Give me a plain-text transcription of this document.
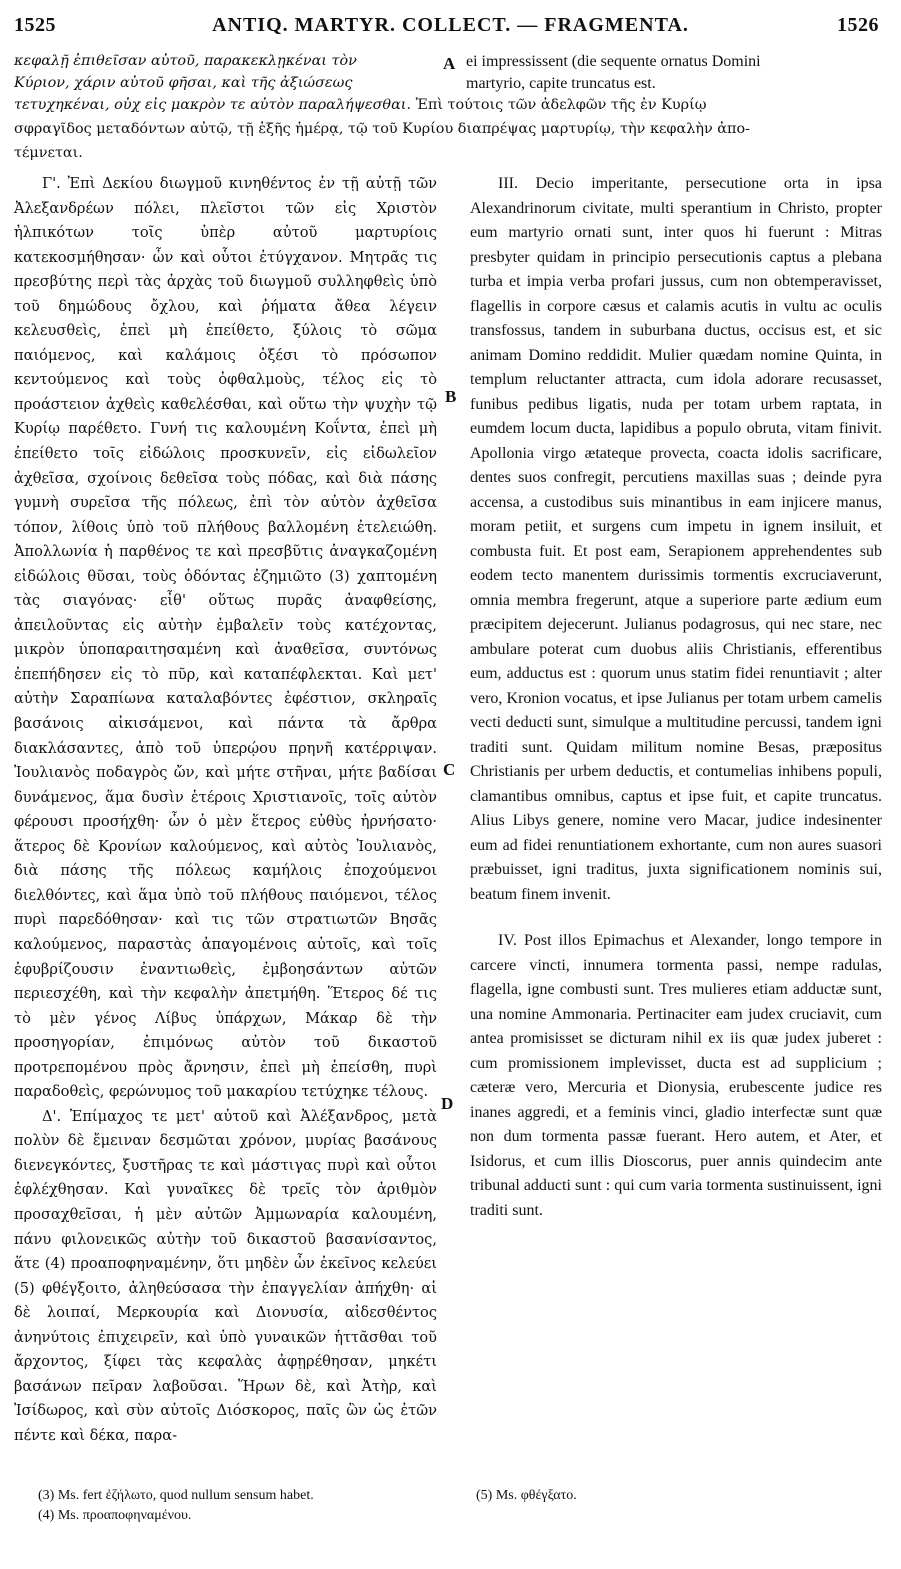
1525	ANTIQ. MARTYR. COLLECT. — FRAGMENTA.	1526
κεφαλῇ ἐπιθεῖσαν αὐτοῦ, παρακεκλῃκέναι τὸν	ei impressissent (die sequente ornatus Domini
Κύριον, χάριν αὐτοῦ φῆσαι, καὶ τῆς ἀξιώσεως	martyrio, capite truncatus est.
τετυχηκέναι, οὐχ εἰς μακρὸν τε αὐτὸν παραλήψεσθαι. Ἐπὶ τούτοις τῶν ἀδελφῶν τῆς ἐν Κυρίῳ
σφραγῖδος μεταδόντων αὐτῷ, τῇ ἑξῆς ἡμέρᾳ, τῷ τοῦ Κυρίου διαπρέψας μαρτυρίῳ, τὴν κεφαλὴν ἀπο-
τέμνεται.
A
B
C
D

Γ'. Ἐπὶ Δεκίου διωγμοῦ κινηθέντος ἐν τῇ αὐτῇ τῶν Ἀλεξανδρέων πόλει, πλεῖστοι τῶν εἰς Χριστὸν ἠλπικότων τοῖς ὑπὲρ αὐτοῦ μαρτυρίοις κατεκοσμήθησαν· ὧν καὶ οὗτοι ἐτύγχανον. Μητρᾶς τις πρεσβύτης περὶ τὰς ἀρχὰς τοῦ διωγμοῦ συλληφθεὶς ὑπὸ τοῦ δημώδους ὄχλου, καὶ ῥήματα ἄθεα λέγειν κελευσθεὶς, ἐπεὶ μὴ ἐπείθετο, ξύλοις τὸ σῶμα παιόμενος, καὶ καλάμοις ὀξέσι τὸ πρόσωπον κεντούμενος καὶ τοὺς ὀφθαλμοὺς, τέλος εἰς τὸ προάστειον ἀχθεὶς καθελέσθαι, καὶ οὕτω τὴν ψυχὴν τῷ Κυρίῳ παρέθετο. Γυνή τις καλουμένη Κοΐντα, ἐπεὶ μὴ ἐπείθετο τοῖς εἰδώλοις προσκυνεῖν, εἰς εἰδωλεῖον ἀχθεῖσα, σχοίνοις δεθεῖσα τοὺς πόδας, καὶ διὰ πάσης γυμνὴ συρεῖσα τῆς πόλεως, ἐπὶ τὸν αὐτὸν ἀχθεῖσα τόπον, λίθοις ὑπὸ τοῦ πλήθους βαλλομένη ἐτελειώθη. Ἀπολλωνία ἡ παρθένος τε καὶ πρεσβῦτις ἀναγκαζομένη εἰδώλοις θῦσαι, τοὺς ὀδόντας ἐζημιῶτο (3) χαπτομένη τὰς σιαγόνας· εἶθ' οὕτως πυρᾶς ἀναφθείσης, ἀπειλοῦντας εἰς αὐτὴν ἐμβαλεῖν τοὺς κατέχοντας, μικρὸν ὑποπαραιτησαμένη καὶ ἀναθεῖσα, συντόνως ἐπεπήδησεν εἰς τὸ πῦρ, καὶ καταπέφλεκται. Καὶ μετ' αὐτὴν Σαραπίωνα καταλαβόντες ἐφέστιον, σκληραῖς βασάνοις αἰκισάμενοι, καὶ πάντα τὰ ἄρθρα διακλάσαντες, ἀπὸ τοῦ ὑπερῴου πρηνῆ κατέρριψαν. Ἰουλιανὸς ποδαγρὸς ὤν, καὶ μήτε στῆναι, μήτε βαδίσαι δυνάμενος, ἅμα δυσὶν ἑτέροις Χριστιανοῖς, τοῖς αὐτὸν φέρουσι προσήχθη· ὧν ὁ μὲν ἕτερος εὐθὺς ἠρνήσατο· ἅτερος δὲ Κρονίων καλούμενος, καὶ αὐτὸς Ἰουλιανὸς, διὰ πάσης τῆς πόλεως καμήλοις ἐποχούμενοι διελθόντες, καὶ ἅμα ὑπὸ τοῦ πλήθους παιόμενοι, τέλος πυρὶ παρεδόθησαν· καὶ τις τῶν στρατιωτῶν Βησᾶς καλούμενος, παραστὰς ἀπαγομένοις αὐτοῖς, καὶ τοῖς ἐφυβρίζουσιν ἐναντιωθεὶς, ἐμβοησάντων αὐτῶν περιεσχέθη, καὶ τὴν κεφαλὴν ἀπετμήθη. Ἕτερος δέ τις τὸ μὲν γένος Λίβυς ὑπάρχων, Μάκαρ δὲ τὴν προσηγορίαν, ἐπιμόνως αὐτὸν τοῦ δικαστοῦ προτρεπομένου πρὸς ἄρνησιν, ἐπεὶ μὴ ἐπείσθη, πυρὶ παραδοθεὶς, φερώνυμος τοῦ μακαρίου τετύχηκε τέλους.

Δ'. Ἐπίμαχος τε μετ' αὐτοῦ καὶ Ἀλέξανδρος, μετὰ πολὺν δὲ ἔμειναν δεσμῶται χρόνον, μυρίας βασάνους διενεγκόντες, ξυστῆρας τε καὶ μάστιγας πυρὶ καὶ οὗτοι ἐφλέχθησαν. Καὶ γυναῖκες δὲ τρεῖς τὸν ἀριθμὸν προσαχθεῖσαι, ἡ μὲν αὐτῶν Ἀμμωναρία καλουμένη, πάνυ φιλονεικῶς αὐτὴν τοῦ δικαστοῦ βασανίσαντος, ἅτε (4) προαποφηναμένην, ὅτι μηδὲν ὧν ἐκεῖνος κελεύει (5) φθέγξοιτο, ἀληθεύσασα τὴν ἐπαγγελίαν ἀπήχθη· αἱ δὲ λοιπαί, Μερκουρία καὶ Διονυσία, αἰδεσθέντος ἀνηνύτοις ἐπιχειρεῖν, καὶ ὑπὸ γυναικῶν ἡττᾶσθαι τοῦ ἄρχοντος, ξίφει τὰς κεφαλὰς ἀφῃρέθησαν, μηκέτι βασάνων πεῖραν λαβοῦσαι. Ἥρων δὲ, καὶ Ἀτὴρ, καὶ Ἰσίδωρος, καὶ σὺν αὐτοῖς Διόσκορος, παῖς ὢν ὡς ἐτῶν πέντε καὶ δέκα, παρα-

III. Decio imperitante, persecutione orta in ipsa Alexandrinorum civitate, multi sperantium in Christo, propter eum martyrio ornati sunt, inter quos hi fuerunt : Mitras presbyter quidam in principio persecutionis captus a plebana turba et impia verba profari jussus, cum non obtemperavisset, flagellis in corpore cæsus et calamis acutis in vultu ac oculis transfossus, tandem in suburbana ductus, occisus est, et sic animam Domino reddidit. Mulier quædam nomine Quinta, in templum reluctanter attracta, cum idola adorare recusasset, funibus pedibus ligatis, nuda per totam urbem raptata, in eumdem locum ducta, lapidibus a populo obruta, vitam finivit. Apollonia virgo ætateque provecta, coacta idolis sacrificare, dentes suos confregit, percutiens maxillas suas ; deinde pyra accensa, a custodibus suis minantibus in eam injicere manus, moram petiit, et surgens cum impetu in ignem insiluit, et combusta fuit. Et post eam, Serapionem apprehendentes sub eodem tecto manentem durissimis tormentis excruciaverunt, omnia membra fregerunt, atque a superiore parte ædium eum præcipitem dejecerunt. Julianus podagrosus, qui nec stare, nec ambulare poterat cum duobus aliis Christianis, efferentibus eum, adductus est : quorum unus statim fidei renuntiavit ; alter vero, Kronion vocatus, et ipse Julianus per totam urbem camelis vecti deducti sunt, simulque a multitudine percussi, tandem igni traditi sunt. Quidam militum nomine Besas, præpositus Christianis per urbem deductis, et contumelias inhibens populi, clamantibus omnibus, captus et ipse fuit, et capite truncatus. Alius Libys genere, nomine vero Macar, judice indesinenter eum ad fidei renuntiationem exhortante, cum non aures suasori præbuisset, igni traditus, juxta significationem nominis sui, beatum finem invenit.

IV. Post illos Epimachus et Alexander, longo tempore in carcere vincti, innumera tormenta passi, nempe radulas, flagella, igne combusti sunt. Tres mulieres etiam adductæ sunt, una nomine Ammonaria. Pertinaciter eam judex cruciavit, cum antea promisisset se dicturam nihil ex iis quæ judex juberet : cum promissionem implevisset, ducta est ad supplicium ; cæteræ vero, Mercuria et Dionysia, erubescente judice res inanes aggredi, et a feminis vinci, gladio interfectæ sunt quæ non dum tormenta passæ fuerant. Hero autem, et Ater, et Isidorus, et cum illis Dioscorus, puer annis quindecim ante tribunal adducti sunt : qui cum varia tormenta sustinuissent, igni traditi sunt.

(3) Ms. fert ἐζήλωτο, quod nullum sensum habet.
(4) Ms. προαποφηναμένου.
(5) Ms. φθέγξατο.
